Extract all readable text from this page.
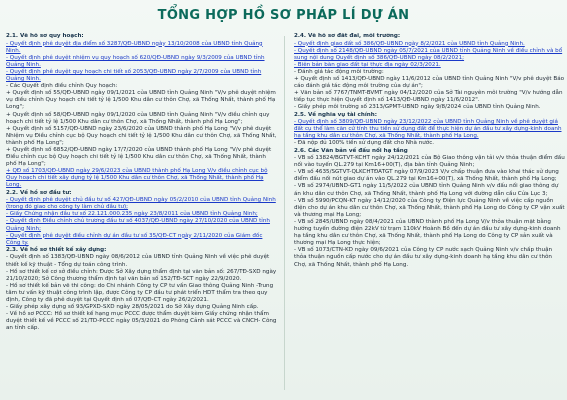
TỔNG HỢP HỒ SƠ PHÁP LÍ DỰ ÁN
2.1. Về hồ sơ quy hoạch:
- Quyết định phê duyệt địa điểm số 3287/QĐ-UBND ngày 13/10/2008 của UBND tỉnh Quảng Ninh.
- Quyết định phê duyệt nhiệm vụ quy hoạch số 620/QĐ-UBND ngày 9/3/2009 của UBND tỉnh Quảng Ninh.
- Quyết định phê duyệt quy hoạch chi tiết số 2053/QĐ-UBND ngày 2/7/2009 của UBND tỉnh Quảng Ninh.
- Các Quyết định điều chỉnh Quy hoạch:
+ Quyết định số 55/QĐ-UBND ngày 09/1/2021 của UBND tỉnh Quảng Ninh "V/v phê duyệt nhiệm vụ điều chỉnh Quy hoạch chi tiết tỷ lệ 1/500 Khu dân cư thôn Chợ, xã Thống Nhất, thành phố Hạ Long";
+ Quyết định số 58/QĐ-UBND ngày 09/1/2020 của UBND tỉnh Quảng Ninh "V/v điều chỉnh quy hoạch chi tiết tỷ lệ 1/500 Khu dân cư thôn Chợ, xã Thống Nhất, thành phố Hạ Long";
+ Quyết định số 5157/QĐ-UBND ngày 23/6/2020 của UBND thành phố Hạ Long "V/v phê duyệt Nhiệm vụ Điều chỉnh cục bộ Quy hoạch chi tiết tỷ lệ 1/500 Khu dân cư thôn Chợ, xã Thống Nhất, thành phố Hạ Long";
+ Quyết định số 6852/QĐ-UBND ngày 17/7/2020 của UBND thành phố Hạ Long "V/v phê duyệt Điều chỉnh cục bộ Quy hoạch chi tiết tỷ lệ 1/500 Khu dân cư thôn Chợ, xã Thống Nhất, thành phố Hạ Long";
+ QĐ số 1703/QĐ-UBND ngày 29/6/2023 của UBND thành phố Hạ Long V/v điều chỉnh cục bộ Quy hoạch chi tiết xây dựng tỷ lệ 1/500 Khu dân cư thôn Chợ, xã Thống Nhất, thành phố Hạ Long.
2.2. Về hồ sơ đầu tư:
- Quyết định phê duyệt chủ đầu tư số 427/QĐ-UBND ngày 05/2/2010 của UBND tỉnh Quảng Ninh (trong đó giao cho công ty làm chủ đầu tư);
- Giấy Chứng nhận đầu tư số 22.121.000.235 ngày 23/8/2011 của UBND tỉnh Quảng Ninh;
- Quyết định Điều chỉnh chủ trương đầu tư số 4037/QĐ-UBND ngày 27/10/2020 của UBND tỉnh Quảng Ninh;
- Quyết định phê duyệt điều chỉnh dự án đầu tư số 35/QĐ-CT ngày 2/11/2020 của Giám đốc Công ty.
2.3. Về hồ sơ thiết kế xây dựng:
- Quyết định số 1383/QĐ-UBND ngày 08/6/2012 của UBND tỉnh Quảng Ninh về việc phê duyệt thiết kế kỹ thuật - Tổng dự toán công trình.
- Hồ sơ thiết kế cơ sở điều chỉnh: Được Sở Xây dựng thẩm định tại văn bản số: 267/TĐ-SXD ngày 21/10/2020; Sở Công thương thẩm định tại văn bản số 152/TĐ-SCT ngày 22/9/2020.
- Hồ sơ thiết kế bản vẽ thi công: do Chi nhánh Công ty CP tư vấn Giao thông Quảng Ninh -Trung tâm tư vấn kỹ thuật công trình lập, được Công ty CP đầu tư phát triển HDT thẩm tra theo quy định, Công ty đã phê duyệt tại Quyết định số 07/QĐ-CT ngày 26/2/2021.
- Giấy phép xây dựng số 93/GPXD-SXD ngày 28/05/2021 do Sở Xây dựng Quảng Ninh cấp.
- Về hồ sơ PCCC: Hồ sơ thiết kế hạng mục PCCC được thẩm duyệt kèm Giấy chứng nhận thẩm duyệt thiết kế về PCCC số 21/TD-PCCC ngày 05/3/2021 do Phòng Cảnh sát PCCC và CNCH- Công an tỉnh cấp.
2.4. Về hồ sơ đất đai, môi trường:
- Quyết định giao đất số 386/QĐ-UBND ngày 8/2/2021 của UBND tỉnh Quảng Ninh.
- Quyết định số 2148/QĐ-UBND ngày 05/7/2021 của UBND tỉnh Quảng Ninh về điều chỉnh và bổ sung nội dung Quyết định số 386/QĐ-UBND ngày 08/2/2021;
- Biên bản bàn giao đất tại thực địa ngày 02/3/2021.
- Đánh giá tác động môi trường:
+ Quyết định số 1413/QĐ-UBND ngày 11/6/2012 của UBND tỉnh Quảng Ninh "V/v phê duyệt Báo cáo đánh giá tác động môi trường của dự án";
+ Văn bản số 7767/TNMT-BVMT ngày 04/12/2020 của Sở Tài nguyên môi trường "V/v hướng dẫn tiếp tục thực hiện Quyết định số 1413/QĐ-UBND ngày 11/6/2012".
- Giấy phép môi trường số 2313/GPMT-UBND ngày 9/8/2024 của UBND tỉnh Quảng Ninh.
2.5. Về nghĩa vụ tài chính:
- Quyết định số 3809/QĐ-UBND ngày 23/12/2022 của UBND tỉnh Quảng Ninh về phê duyệt giá đất cụ thể làm căn cứ tính thu tiền sử dụng đất để thực hiện dự án đầu tư xây dựng-kinh doanh hạ tầng khu dân cư thôn Chợ, xã Thống Nhất, thành phố Hạ Long.
- Đã nộp đủ 100% tiền sử dụng đất cho Nhà nước.
2.6. Các Văn bản về đấu nối hạ tầng
- VB số 13824/BGTVT-KCHT ngày 24/12/2021 của Bộ Giao thông vận tải v/v thỏa thuận điểm đấu nối vào tuyến QL.279 tại Km16+00(T), địa bàn tỉnh Quảng Ninh;
- VB số 4635/SGTVT-QLKCHTĐATGT ngày 07/9/2023 V/v chấp thuận đưa vào khai thác sử dụng điểm đấu nối nút giao dự án vào QL.279 tại Km16+00(T), xã Thống Nhất, thành phố Hạ Long;
- VB số 2974/UBND-GT1 ngày 11/5/2022 của UBND tỉnh Quảng Ninh v/v đấu nối giao thông dự án khu dân cư thôn Chợ, xã Thống Nhất, thành phố Hạ Long với đường dẫn cầu Cửa Lục 3;
- VB số 5990/PCQN-KT ngày 14/12/2020 của Công ty Điện lực Quảng Ninh về việc cấp nguồn điện cho dự án khu dân cư thôn Chợ, xã Thống Nhất, thành phố Hạ Long do Công ty CP vận xuất và thương mại Hạ Long;
- VB số 2845/UBND ngày 08/4/2021 của UBND thành phố Hạ Long V/v thỏa thuận mặt bằng hướng tuyến đường điện 22kV từ trạm 110kV Hoành Bồ đến dự án đầu tư xây dựng-kinh doanh hạ tầng khu dân cư thôn Chợ, xã Thống Nhất, thành phố Hạ Long do Công ty CP sản xuất và thương mại Hạ Long thực hiện;
- VB số 1073/CTN-KD ngày 09/6/2021 của Công ty CP nước sạch Quảng Ninh v/v chấp thuận thỏa thuận nguồn cấp nước cho dự án đầu tư xây dựng-kinh doanh hạ tầng khu dân cư thôn Chợ, xã Thống Nhất, thành phố Hạ Long.
